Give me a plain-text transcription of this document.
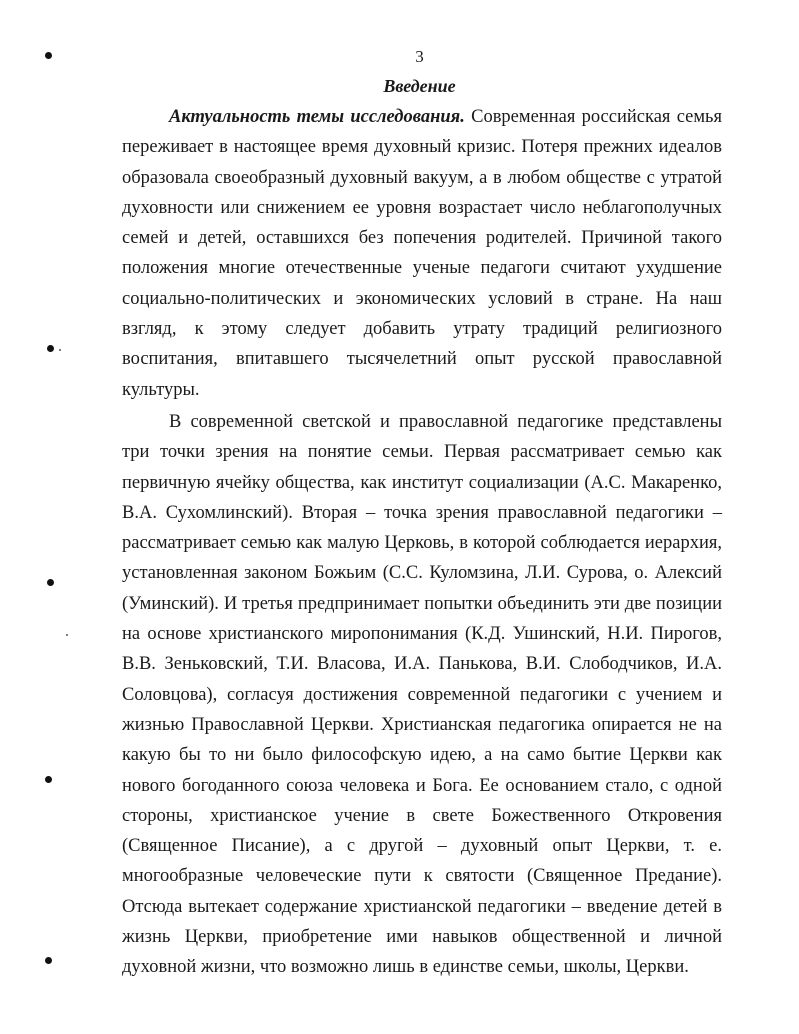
3
Введение

Актуальность темы исследования. Современная российская семья переживает в настоящее время духовный кризис. Потеря прежних идеалов образовала своеобразный духовный вакуум, а в любом обществе с утратой духовности или снижением ее уровня возрастает число неблагополучных семей и детей, оставшихся без попечения родителей. Причиной такого положения многие отечественные ученые педагоги считают ухудшение социально-политических и экономических условий в стране. На наш взгляд, к этому следует добавить утрату традиций религиозного воспитания, впитавшего тысячелетний опыт русской православной культуры.

В современной светской и православной педагогике представлены три точки зрения на понятие семьи. Первая рассматривает семью как первичную ячейку общества, как институт социализации (А.С. Макаренко, В.А. Сухомлинский). Вторая – точка зрения православной педагогики – рассматривает семью как малую Церковь, в которой соблюдается иерархия, установленная законом Божьим (С.С. Куломзина, Л.И. Сурова, о. Алексий (Уминский). И третья предпринимает попытки объединить эти две позиции на основе христианского миропонимания (К.Д. Ушинский, Н.И. Пирогов, В.В. Зеньковский, Т.И. Власова, И.А. Панькова, В.И. Слободчиков, И.А. Соловцова), согласуя достижения современной педагогики с учением и жизнью Православной Церкви. Христианская педагогика опирается не на какую бы то ни было философскую идею, а на само бытие Церкви как нового богоданного союза человека и Бога. Ее основанием стало, с одной стороны, христианское учение в свете Божественного Откровения (Священное Писание), а с другой – духовный опыт Церкви, т. е. многообразные человеческие пути к святости (Священное Предание). Отсюда вытекает содержание христианской педагогики – введение детей в жизнь Церкви, приобретение ими навыков общественной и личной духовной жизни, что возможно лишь в единстве семьи, школы, Церкви.
